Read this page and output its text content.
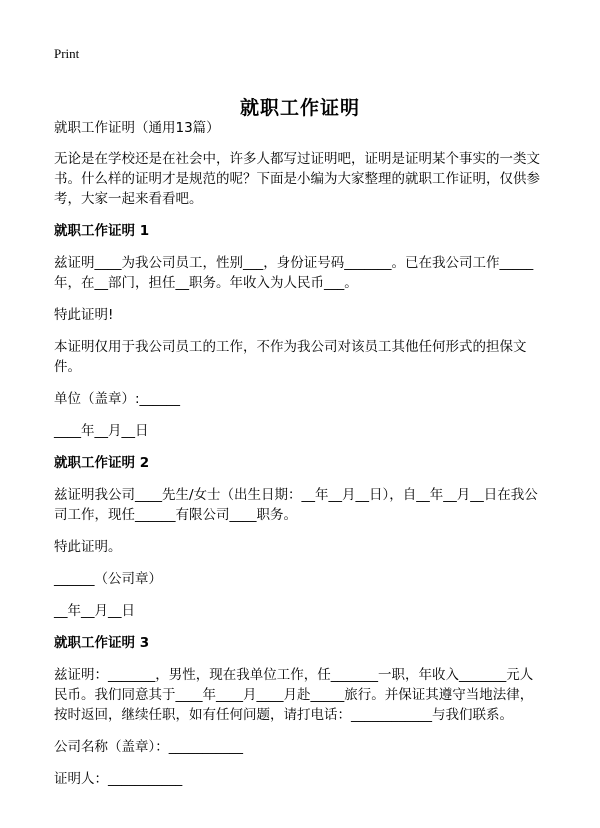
Print
就职工作证明

就职工作证明（通用13篇）

无论是在学校还是在社会中，许多人都写过证明吧，证明是证明某个事实的一类文书。什么样的证明才是规范的呢？下面是小编为大家整理的就职工作证明，仅供参考，大家一起来看看吧。

就职工作证明 1

兹证明____为我公司员工，性别___，身份证号码_______。已在我公司工作_____年，在__部门，担任__职务。年收入为人民币___。

特此证明!

本证明仅用于我公司员工的工作，不作为我公司对该员工其他任何形式的担保文件。

单位（盖章）:______

____年__月__日

就职工作证明 2

兹证明我公司____先生/女士（出生日期：__年__月__日），自__年__月__日在我公司工作，现任______有限公司____职务。

特此证明。

______（公司章）

__年__月__日

就职工作证明 3

兹证明：_______，男性，现在我单位工作，任_______一职，年收入_______元人民币。我们同意其于____年____月____月赴_____旅行。并保证其遵守当地法律，按时返回，继续任职，如有任何问题，请打电话：____________与我们联系。

公司名称（盖章）：___________

证明人：___________
